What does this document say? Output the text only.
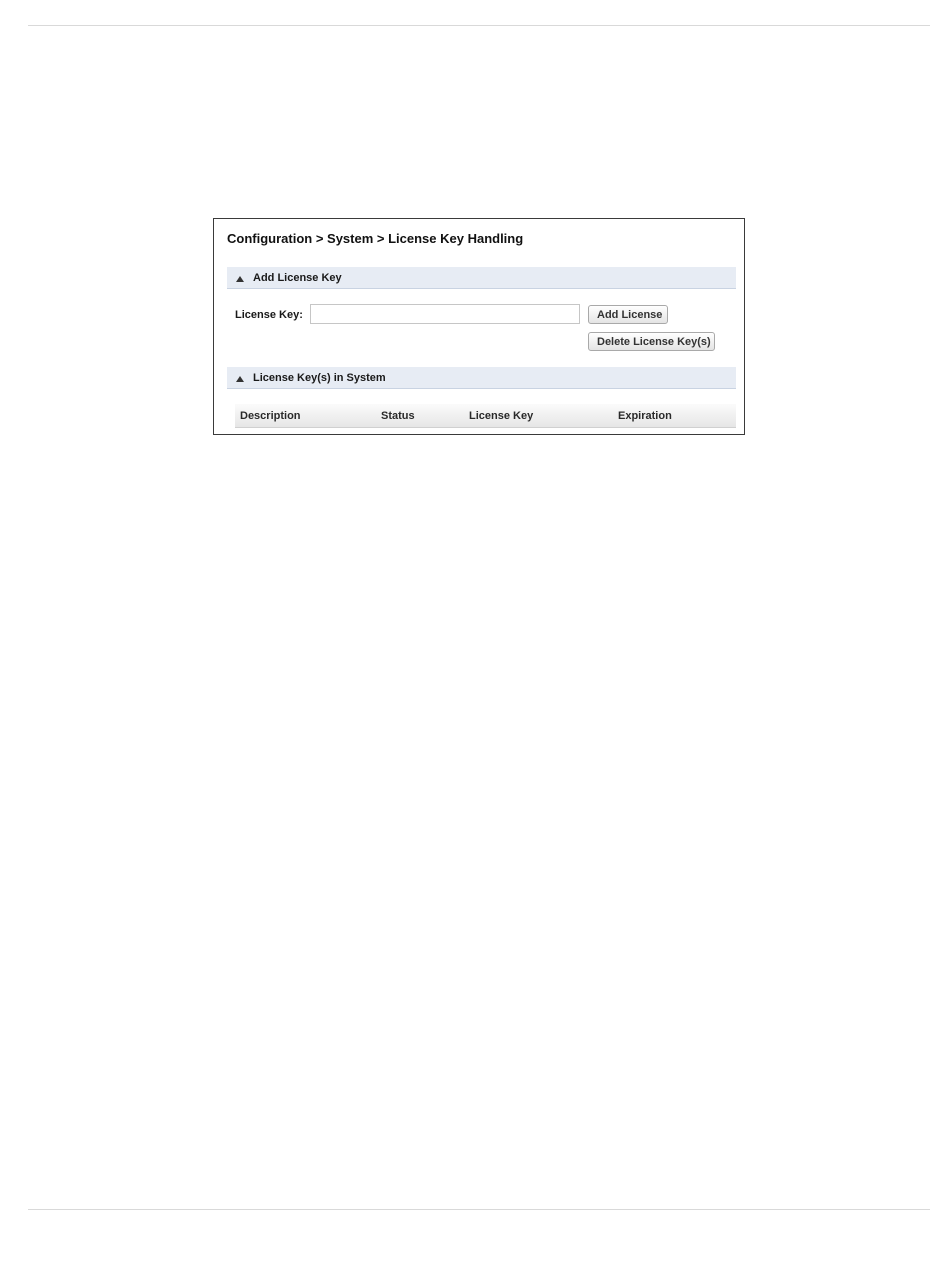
Configuration > System > License Key Handling
Add License Key
License Key:	Add License
Delete License Key(s)
License Key(s) in System
Description	Status	License Key	Expiration
